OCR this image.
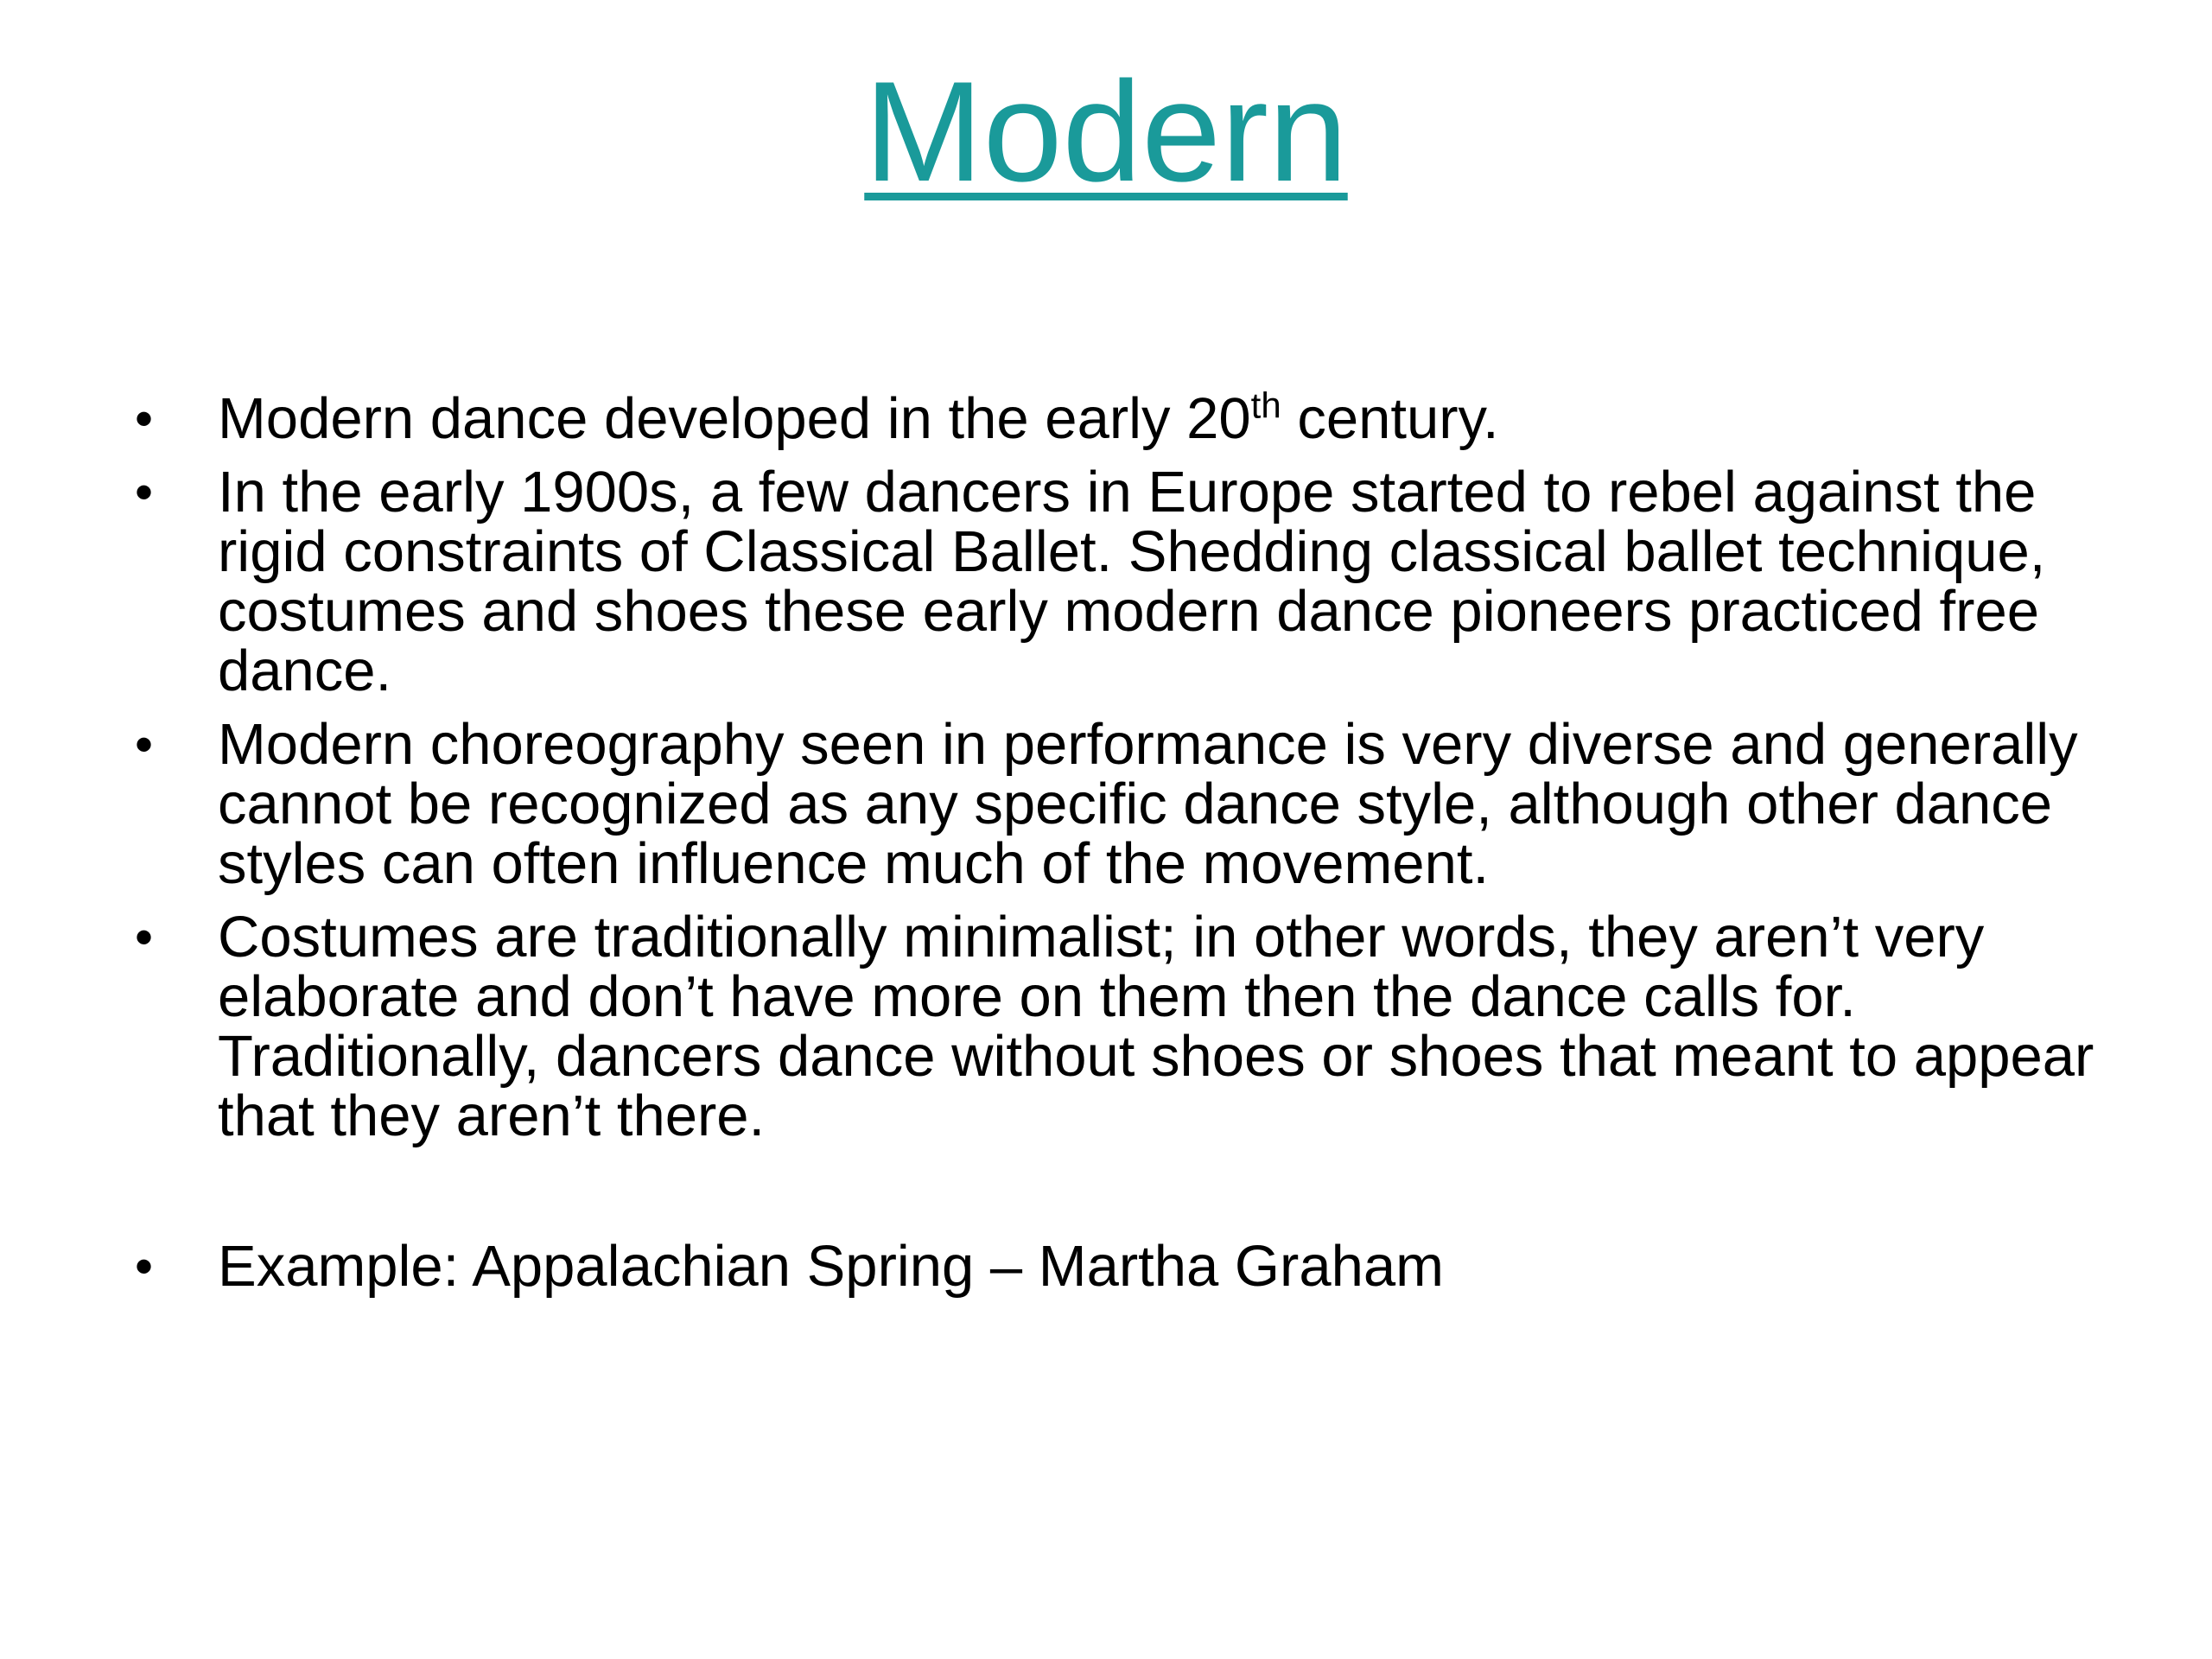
Modern
• Modern dance developed in the early 20th century.
• In the early 1900s, a few dancers in Europe started to rebel against the rigid constraints of Classical Ballet. Shedding classical ballet technique, costumes and shoes these early modern dance pioneers practiced free dance.
• Modern choreography seen in performance is very diverse and generally cannot be recognized as any specific dance style, although other dance styles can often influence much of the movement.
• Costumes are traditionally minimalist; in other words, they aren’t very elaborate and don’t have more on them then the dance calls for. Traditionally, dancers dance without shoes or shoes that meant to appear that they aren’t there.
• Example: Appalachian Spring – Martha Graham
